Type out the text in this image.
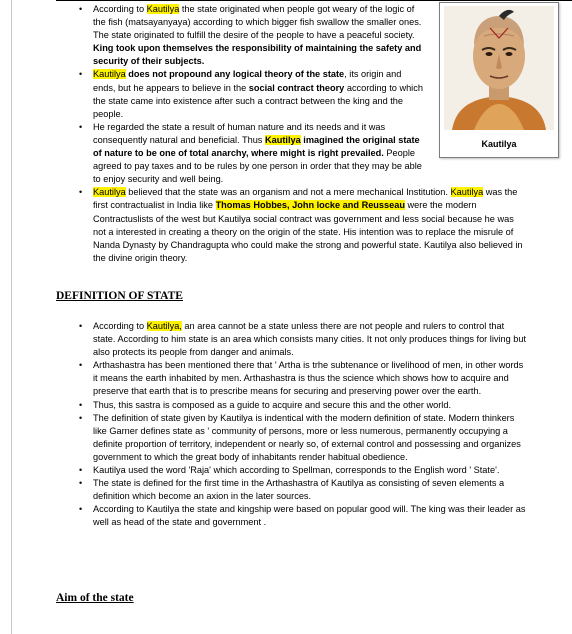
• According to Kautilya the state originated when people got weary of the logic of the fish (matsayanyaya) according to which bigger fish swallow the smaller ones. The state originated to fulfill the desire of the people to have a peaceful society. King took upon themselves the responsibility of maintaining the safety and security of their subjects.
• Kautilya does not propound any logical theory of the state, its origin and ends, but he appears to believe in the social contract theory according to which the state came into existence after such a contract between the king and the people.
• He regarded the state a result of human nature and its needs and it was consequently natural and beneficial. Thus Kautilya imagined the original state of nature to be one of total anarchy, where might is right prevailed. People agreed to pay taxes and to be rules by one person in order that they may be able to enjoy security and well being.
• Kautilya believed that the state was an organism and not a mere mechanical Institution. Kautilya was the first contractualist in India like Thomas Hobbes, John locke and Reusseau were the modern Contractuslists of the west but Kautilya social contract was government and less social because he was not a interested in creating a theory on the origin of the state. His intention was to replace the misrule of Nanda Dynasty by Chandragupta who could make the strong and powerful state. Kautilya also believed in the divine origin theory.
Kautilya
DEFINITION OF STATE
• According to Kautilya, an area cannot be a state unless there are not people and rulers to control that state. According to him state is an area which consists many cities. It not only produces things for living but also protects its people from danger and animals.
• Arthashastra has been mentioned there that ' Artha is trhe subtenance or livelihood of men, in other words it means the earth inhabited by men. Arthashastra is thus the science which shows how to acquire and preserve that earth that is to prescribe means for securing and preserving power over the earth.
• Thus, this sastra is composed as a guide to acquire and secure this and the other world.
• The definition of state given by Kautilya is indentical with the modern definition of state. Modern thinkers like Garner defines state as ' community of persons, more or less numerous, permanently occupying a definite proportion of territory, independent or nearly so, of external control and possessing and organizes government to which the great body of inhabitants render habitual obedience.
• Kautilya used the word 'Raja' which according to Spellman, corresponds to the English word ' State'.
• The state is defined for the first time in the Arthashastra of Kautilya as consisting of seven elements a definition which become an axion in the later sources.
• According to Kautilya the state and kingship were based on popular good will. The king was their leader as well as head of the state and government .
Aim of the state
